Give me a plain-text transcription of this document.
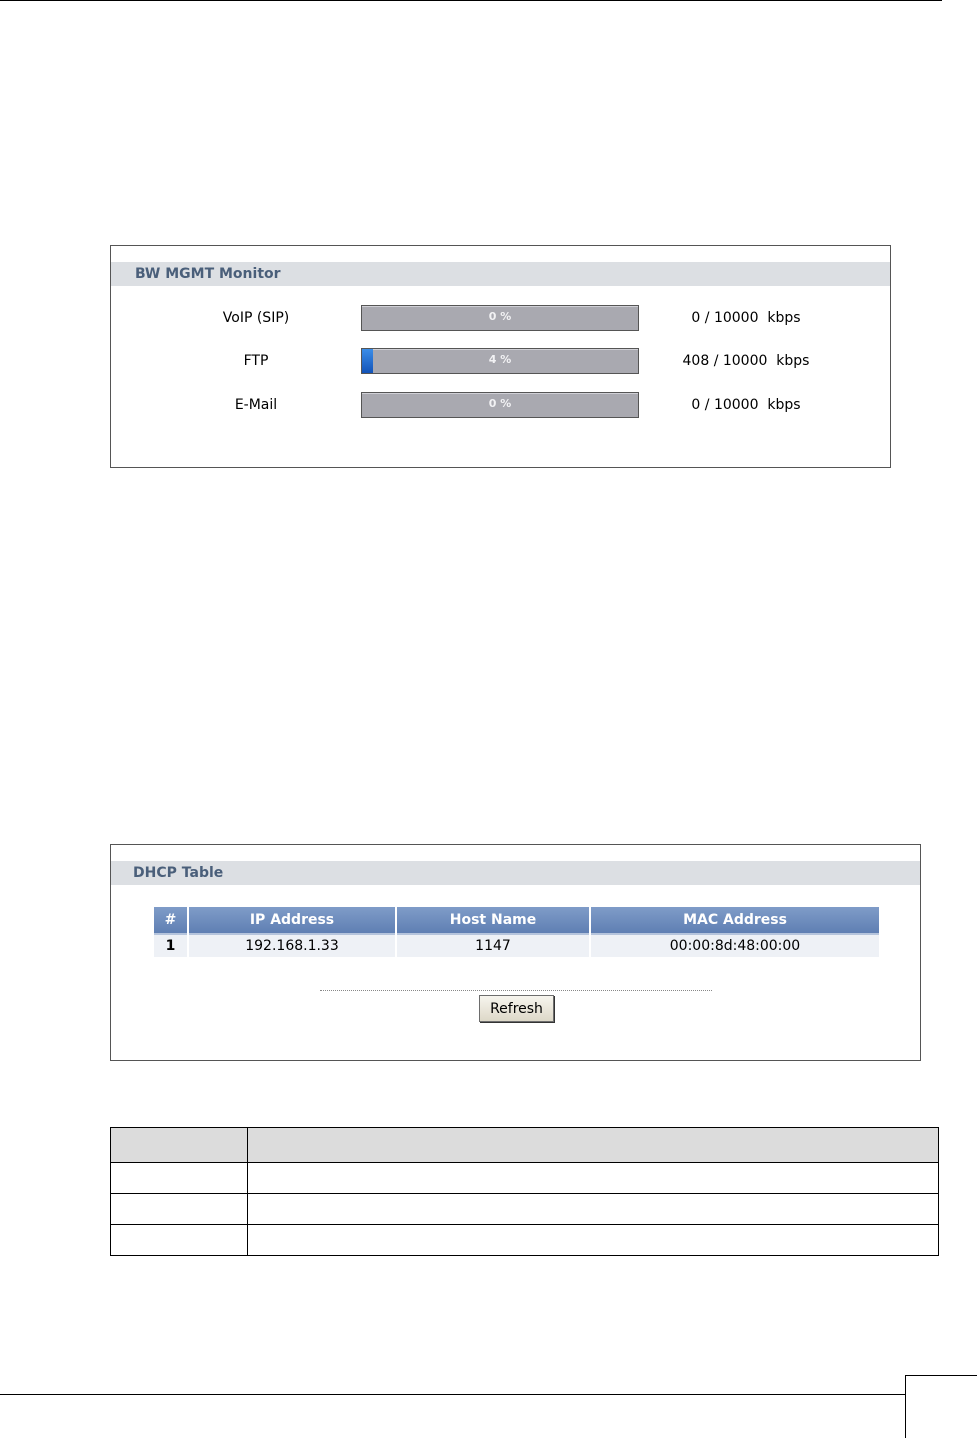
BW MGMT Monitor
VoIP (SIP)	0 %	0 / 10000  kbps
FTP	4 %	408 / 10000  kbps
E-Mail	0 %	0 / 10000  kbps
DHCP Table
#	IP Address	Host Name	MAC Address
1	192.168.1.33	1147	00:00:8d:48:00:00
Refresh
